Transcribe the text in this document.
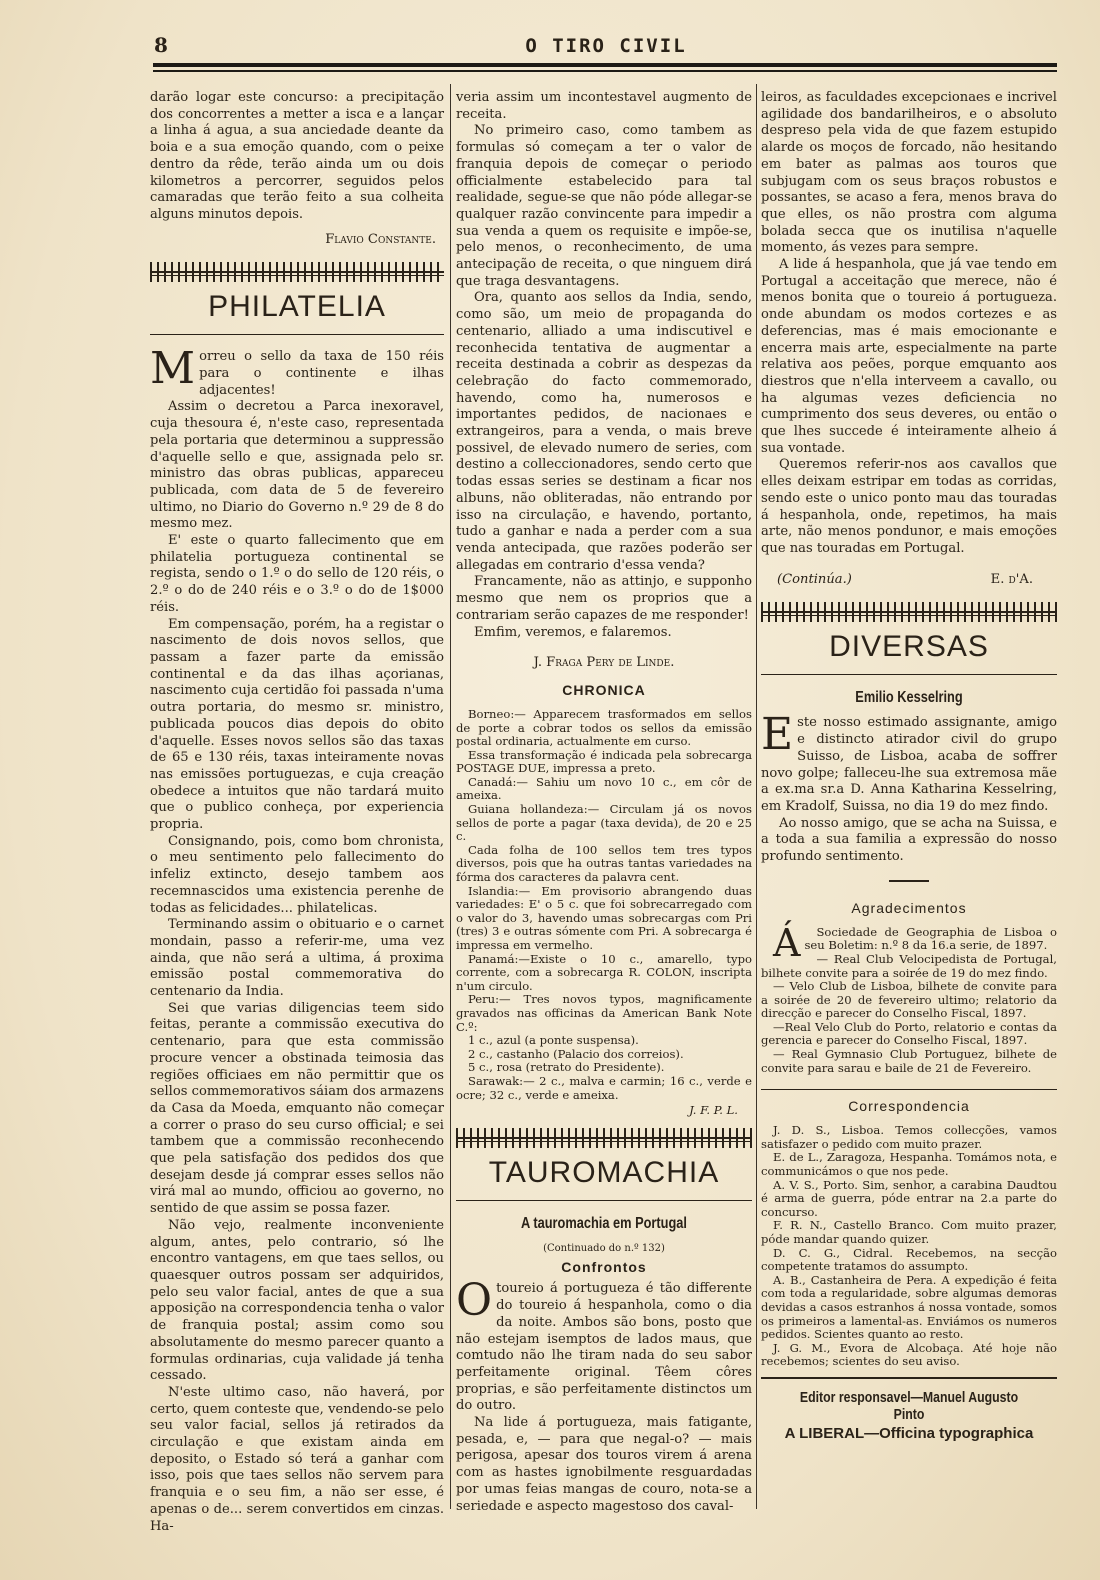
8	O TIRO CIVIL

darão logar este concurso: a precipitação dos concorrentes a metter a isca e a lançar a linha á agua, a sua anciedade deante da boia e a sua emoção quando, com o peixe dentro da rêde, terão ainda um ou dois kilometros a percorrer, seguidos pelos camaradas que terão feito a sua colheita alguns minutos depois.

Flavio Constante.
PHILATELIA

Morreu o sello da taxa de 150 réis para o continente e ilhas adjacentes!

Assim o decretou a Parca inexoravel, cuja thesoura é, n'este caso, representada pela portaria que determinou a suppressão d'aquelle sello e que, assignada pelo sr. ministro das obras publicas, appareceu publicada, com data de 5 de fevereiro ultimo, no Diario do Governo n.º 29 de 8 do mesmo mez.

E' este o quarto fallecimento que em philatelia portugueza continental se regista, sendo o 1.º o do sello de 120 réis, o 2.º o do de 240 réis e o 3.º o do de 1$000 réis.

Em compensação, porém, ha a registar o nascimento de dois novos sellos, que passam a fazer parte da emissão continental e da das ilhas açorianas, nascimento cuja certidão foi passada n'uma outra portaria, do mesmo sr. ministro, publicada poucos dias depois do obito d'aquelle. Esses novos sellos são das taxas de 65 e 130 réis, taxas inteiramente novas nas emissões portuguezas, e cuja creação obedece a intuitos que não tardará muito que o publico conheça, por experiencia propria.

Consignando, pois, como bom chronista, o meu sentimento pelo fallecimento do infeliz extincto, desejo tambem aos recemnascidos uma existencia perenhe de todas as felicidades... philatelicas.

Terminando assim o obituario e o carnet mondain, passo a referir-me, uma vez ainda, que não será a ultima, á proxima emissão postal commemorativa do centenario da India.

Sei que varias diligencias teem sido feitas, perante a commissão executiva do centenario, para que esta commissão procure vencer a obstinada teimosia das regiões officiaes em não permittir que os sellos commemorativos sáiam dos armazens da Casa da Moeda, emquanto não começar a correr o praso do seu curso official; e sei tambem que a commissão reconhecendo que pela satisfação dos pedidos dos que desejam desde já comprar esses sellos não virá mal ao mundo, officiou ao governo, no sentido de que assim se possa fazer.

Não vejo, realmente inconveniente algum, antes, pelo contrario, só lhe encontro vantagens, em que taes sellos, ou quaesquer outros possam ser adquiridos, pelo seu valor facial, antes de que a sua apposição na correspondencia tenha o valor de franquia postal; assim como sou absolutamente do mesmo parecer quanto a formulas ordinarias, cuja validade já tenha cessado.

N'este ultimo caso, não haverá, por certo, quem conteste que, vendendo-se pelo seu valor facial, sellos já retirados da circulação e que existam ainda em deposito, o Estado só terá a ganhar com isso, pois que taes sellos não servem para franquia e o seu fim, a não ser esse, é apenas o de... serem convertidos em cinzas. Ha-

veria assim um incontestavel augmento de receita.

No primeiro caso, como tambem as formulas só começam a ter o valor de franquia depois de começar o periodo officialmente estabelecido para tal realidade, segue-se que não póde allegar-se qualquer razão convincente para impedir a sua venda a quem os requisite e impõe-se, pelo menos, o reconhecimento, de uma antecipação de receita, o que ninguem dirá que traga desvantagens.

Ora, quanto aos sellos da India, sendo, como são, um meio de propaganda do centenario, alliado a uma indiscutivel e reconhecida tentativa de augmentar a receita destinada a cobrir as despezas da celebração do facto commemorado, havendo, como ha, numerosos e importantes pedidos, de nacionaes e extrangeiros, para a venda, o mais breve possivel, de elevado numero de series, com destino a colleccionadores, sendo certo que todas essas series se destinam a ficar nos albuns, não obliteradas, não entrando por isso na circulação, e havendo, portanto, tudo a ganhar e nada a perder com a sua venda antecipada, que razões poderão ser allegadas em contrario d'essa venda?

Francamente, não as attinjo, e supponho mesmo que nem os proprios que a contrariam serão capazes de me responder!

Emfim, veremos, e falaremos.

J. Fraga Pery de Linde.
CHRONICA

Borneo:— Apparecem trasformados em sellos de porte a cobrar todos os sellos da emissão postal ordinaria, actualmente em curso.

Essa transformação é indicada pela sobrecarga POSTAGE DUE, impressa a preto.

Canadá:— Sahiu um novo 10 c., em côr de ameixa.

Guiana hollandeza:— Circulam já os novos sellos de porte a pagar (taxa devida), de 20 e 25 c.

Cada folha de 100 sellos tem tres typos diversos, pois que ha outras tantas variedades na fórma dos caracteres da palavra cent.

Islandia:— Em provisorio abrangendo duas variedades: E' o 5 c. que foi sobrecarregado com o valor do 3, havendo umas sobrecargas com Pri (tres) 3 e outras sómente com Pri. A sobrecarga é impressa em vermelho.

Panamá:—Existe o 10 c., amarello, typo corrente, com a sobrecarga R. COLON, inscripta n'um circulo.

Peru:— Tres novos typos, magnificamente gravados nas officinas da American Bank Note C.º:

1 c., azul (a ponte suspensa).

2 c., castanho (Palacio dos correios).

5 c., rosa (retrato do Presidente).

Sarawak:— 2 c., malva e carmin; 16 c., verde e ocre; 32 c., verde e ameixa.

J. F. P. L.
TAUROMACHIA
A tauromachia em Portugal
(Continuado do n.º 132)
Confrontos

Otoureio á portugueza é tão differente do toureio á hespanhola, como o dia da noite. Ambos são bons, posto que não estejam isemptos de lados maus, que comtudo não lhe tiram nada do seu sabor perfeitamente original. Têem côres proprias, e são perfeitamente distinctos um do outro.

Na lide á portugueza, mais fatigante, pesada, e, — para que negal-o? — mais perigosa, apesar dos touros virem á arena com as hastes ignobilmente resguardadas por umas feias mangas de couro, nota-se a seriedade e aspecto magestoso dos caval-

leiros, as faculdades excepcionaes e incrivel agilidade dos bandarilheiros, e o absoluto despreso pela vida de que fazem estupido alarde os moços de forcado, não hesitando em bater as palmas aos touros que subjugam com os seus braços robustos e possantes, se acaso a fera, menos brava do que elles, os não prostra com alguma bolada secca que os inutilisa n'aquelle momento, ás vezes para sempre.

A lide á hespanhola, que já vae tendo em Portugal a acceitação que merece, não é menos bonita que o toureio á portugueza. onde abundam os modos cortezes e as deferencias, mas é mais emocionante e encerra mais arte, especialmente na parte relativa aos peões, porque emquanto aos diestros que n'ella interveem a cavallo, ou ha algumas vezes deficiencia no cumprimento dos seus deveres, ou então o que lhes succede é inteiramente alheio á sua vontade.

Queremos referir-nos aos cavallos que elles deixam estripar em todas as corridas, sendo este o unico ponto mau das touradas á hespanhola, onde, repetimos, ha mais arte, não menos pondunor, e mais emoções que nas touradas em Portugal.

(Continúa.)	E. d'A.
DIVERSAS
Emilio Kesselring

Este nosso estimado assignante, amigo e distincto atirador civil do grupo Suisso, de Lisboa, acaba de soffrer novo golpe; falleceu-lhe sua extremosa mãe a ex.ma sr.a D. Anna Katharina Kesselring, em Kradolf, Suissa, no dia 19 do mez findo.

Ao nosso amigo, que se acha na Suissa, e a toda a sua familia a expressão do nosso profundo sentimento.

Agradecimentos

Á Sociedade de Geographia de Lisboa o seu Boletim: n.º 8 da 16.a serie, de 1897.

— Real Club Velocipedista de Portugal, bilhete convite para a soirée de 19 do mez findo.

— Velo Club de Lisboa, bilhete de convite para a soirée de 20 de fevereiro ultimo; relatorio da direcção e parecer do Conselho Fiscal, 1897.

—Real Velo Club do Porto, relatorio e contas da gerencia e parecer do Conselho Fiscal, 1897.

— Real Gymnasio Club Portuguez, bilhete de convite para sarau e baile de 21 de Fevereiro.

Correspondencia

J. D. S., Lisboa. Temos collecções, vamos satisfazer o pedido com muito prazer.

E. de L., Zaragoza, Hespanha. Tomámos nota, e communicámos o que nos pede.

A. V. S., Porto. Sim, senhor, a carabina Daudtou é arma de guerra, póde entrar na 2.a parte do concurso.

F. R. N., Castello Branco. Com muito prazer, póde mandar quando quizer.

D. C. G., Cidral. Recebemos, na secção competente tratamos do assumpto.

A. B., Castanheira de Pera. A expedição é feita com toda a regularidade, sobre algumas demoras devidas a casos estranhos á nossa vontade, somos os primeiros a lamental-as. Enviámos os numeros pedidos. Scientes quanto ao resto.

J. G. M., Evora de Alcobaça. Até hoje não recebemos; scientes do seu aviso.

Editor responsavel—Manuel Augusto Pinto
A LIBERAL—Officina typographica
